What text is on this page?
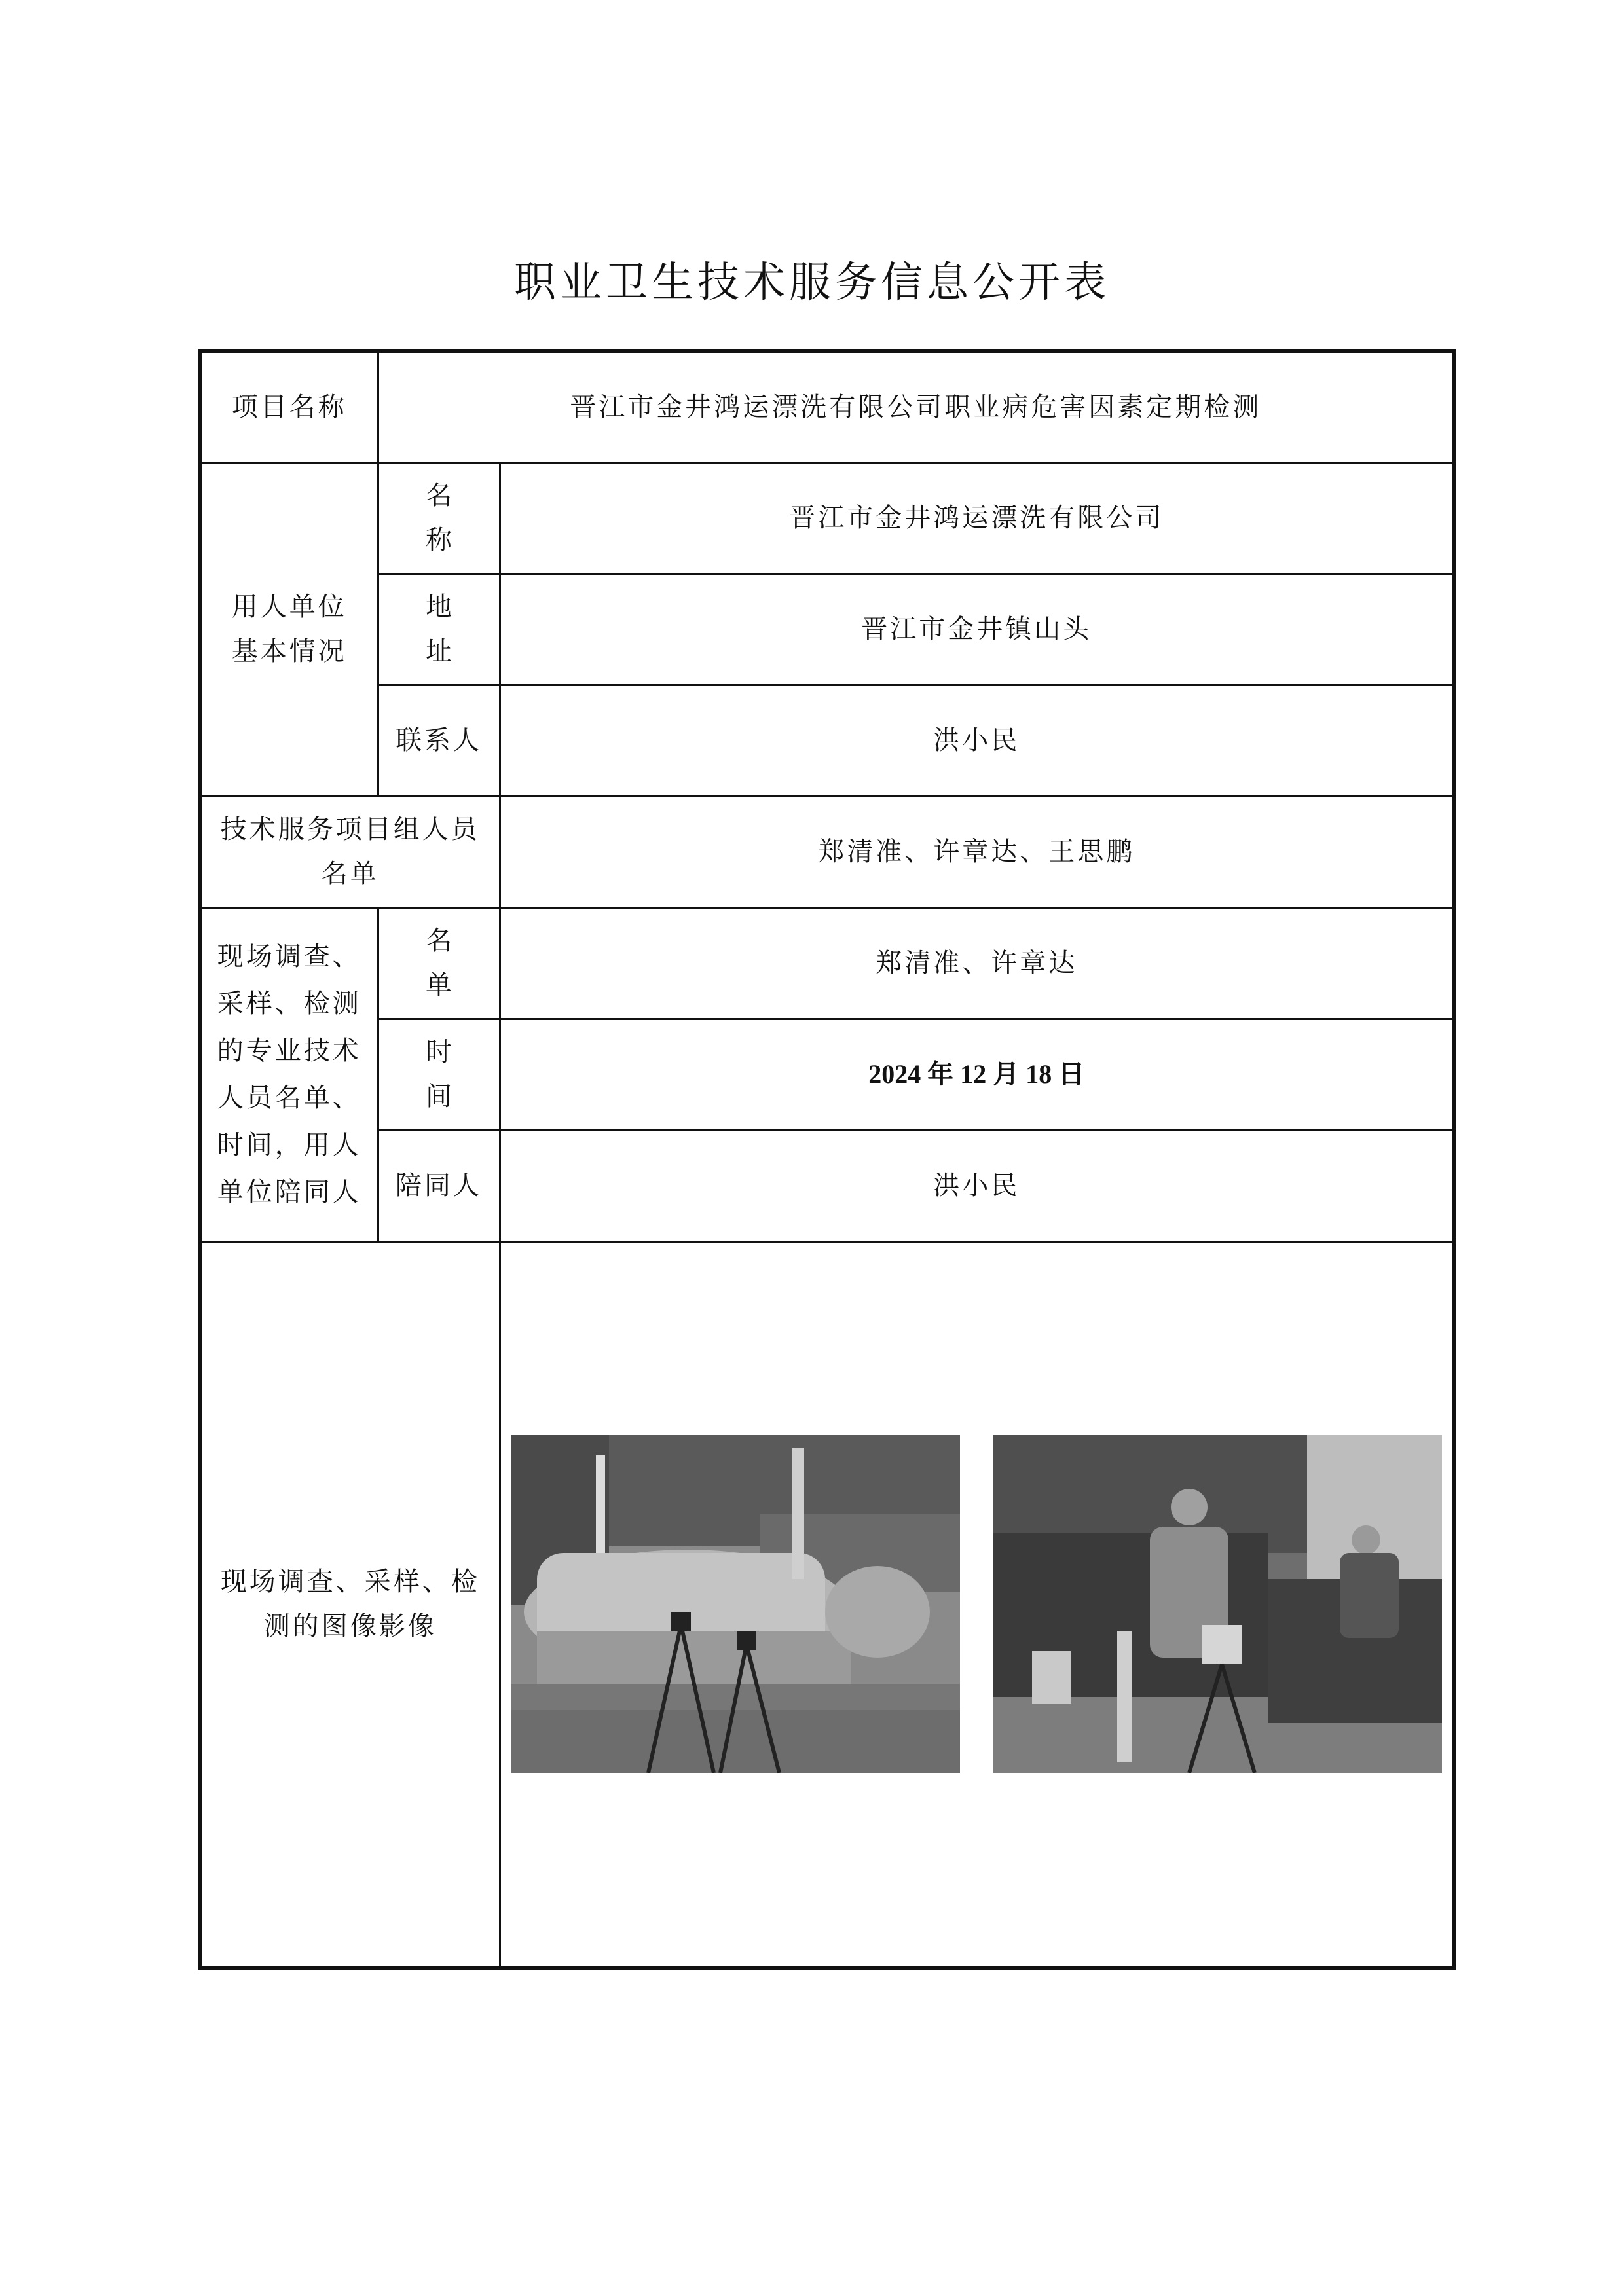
职业卫生技术服务信息公开表
项目名称	晋江市金井鸿运漂洗有限公司职业病危害因素定期检测	

用人单位基本情况	名 称	晋江市金井鸿运漂洗有限公司
	地 址	晋江市金井镇山头
	联系人	洪小民

技术服务项目组人员名单		郑清准、许章达、王思鹏

现场调查、采样、检测的专业技术人员名单、时间，用人单位陪同人	名 单	郑清准、许章达
	时 间	2024 年 12 月 18 日
	陪同人	洪小民

现场调查、采样、检测的图像影像
